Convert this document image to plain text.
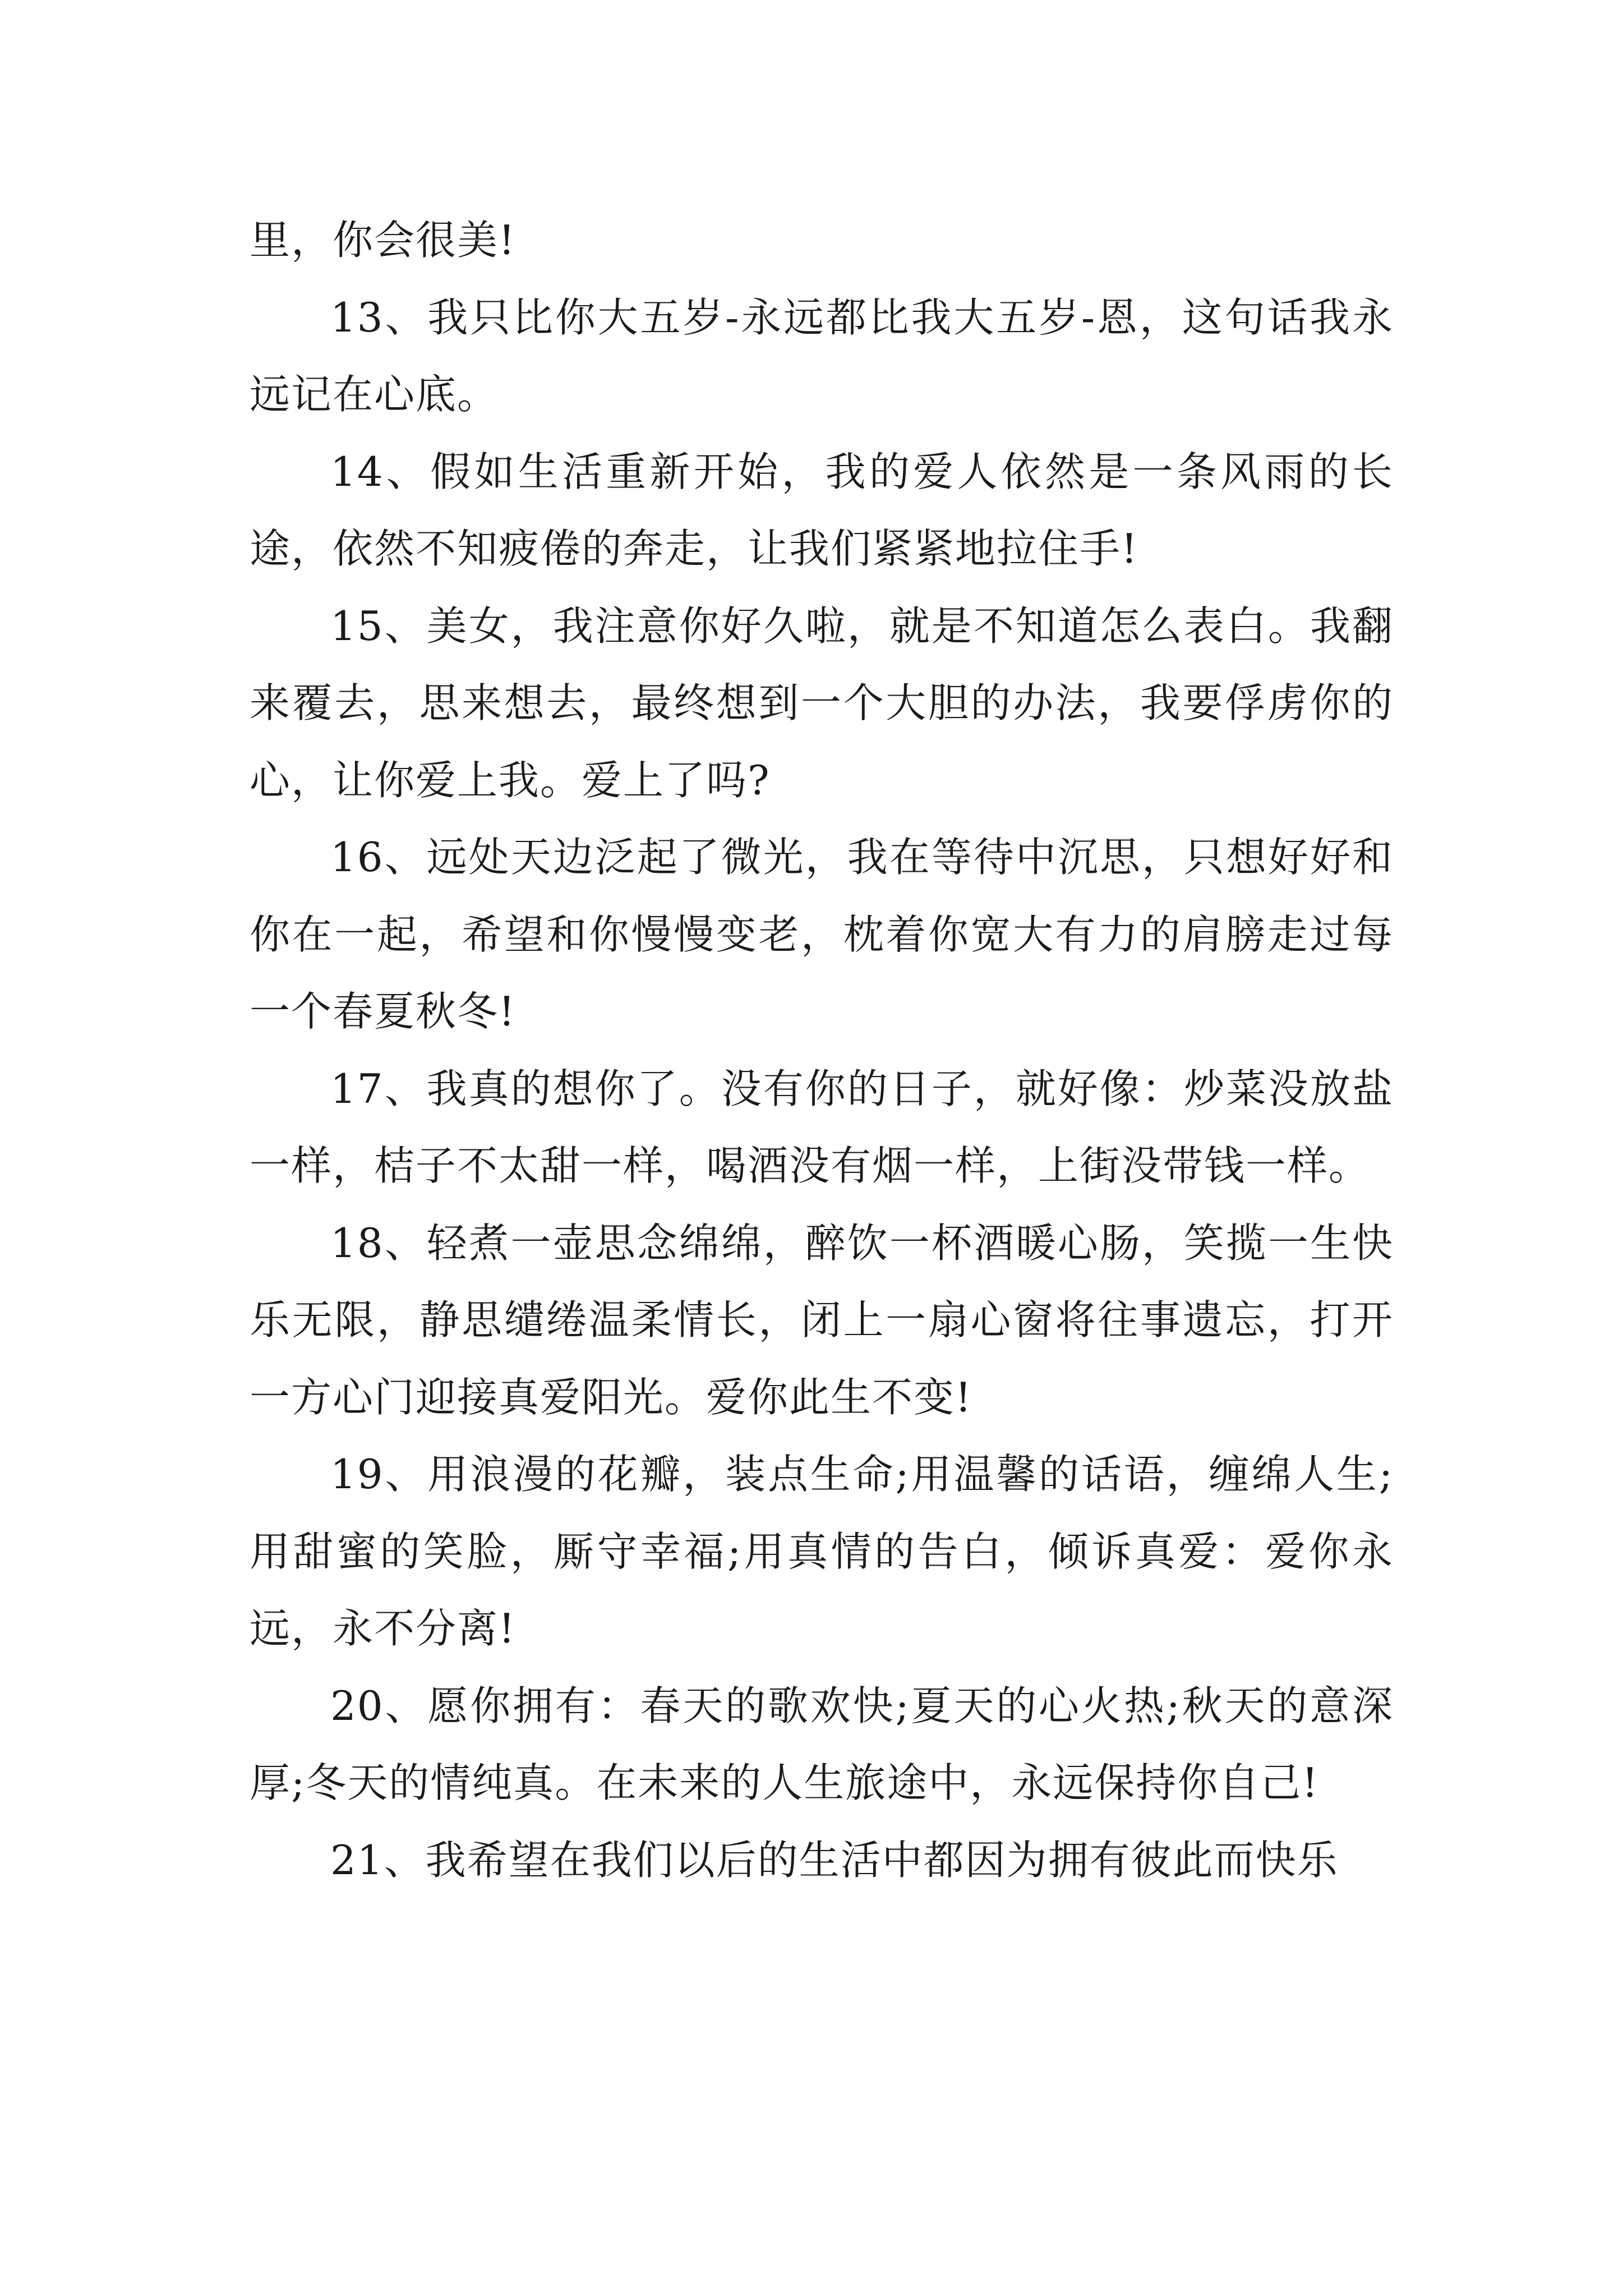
里，你会很美!

13、我只比你大五岁-永远都比我大五岁-恩，这句话我永远记在心底。

14、假如生活重新开始，我的爱人依然是一条风雨的长途，依然不知疲倦的奔走，让我们紧紧地拉住手!

15、美女，我注意你好久啦，就是不知道怎么表白。我翻来覆去，思来想去，最终想到一个大胆的办法，我要俘虏你的心，让你爱上我。爱上了吗?

16、远处天边泛起了微光，我在等待中沉思，只想好好和你在一起，希望和你慢慢变老，枕着你宽大有力的肩膀走过每一个春夏秋冬!

17、我真的想你了。没有你的日子，就好像：炒菜没放盐一样，桔子不太甜一样，喝酒没有烟一样，上街没带钱一样。

18、轻煮一壶思念绵绵，醉饮一杯酒暖心肠，笑揽一生快乐无限，静思缱绻温柔情长，闭上一扇心窗将往事遗忘，打开一方心门迎接真爱阳光。爱你此生不变!

19、用浪漫的花瓣，装点生命;用温馨的话语，缠绵人生;用甜蜜的笑脸，厮守幸福;用真情的告白，倾诉真爱：爱你永远，永不分离!

20、愿你拥有：春天的歌欢快;夏天的心火热;秋天的意深厚;冬天的情纯真。在未来的人生旅途中，永远保持你自己!

21、我希望在我们以后的生活中都因为拥有彼此而快乐
